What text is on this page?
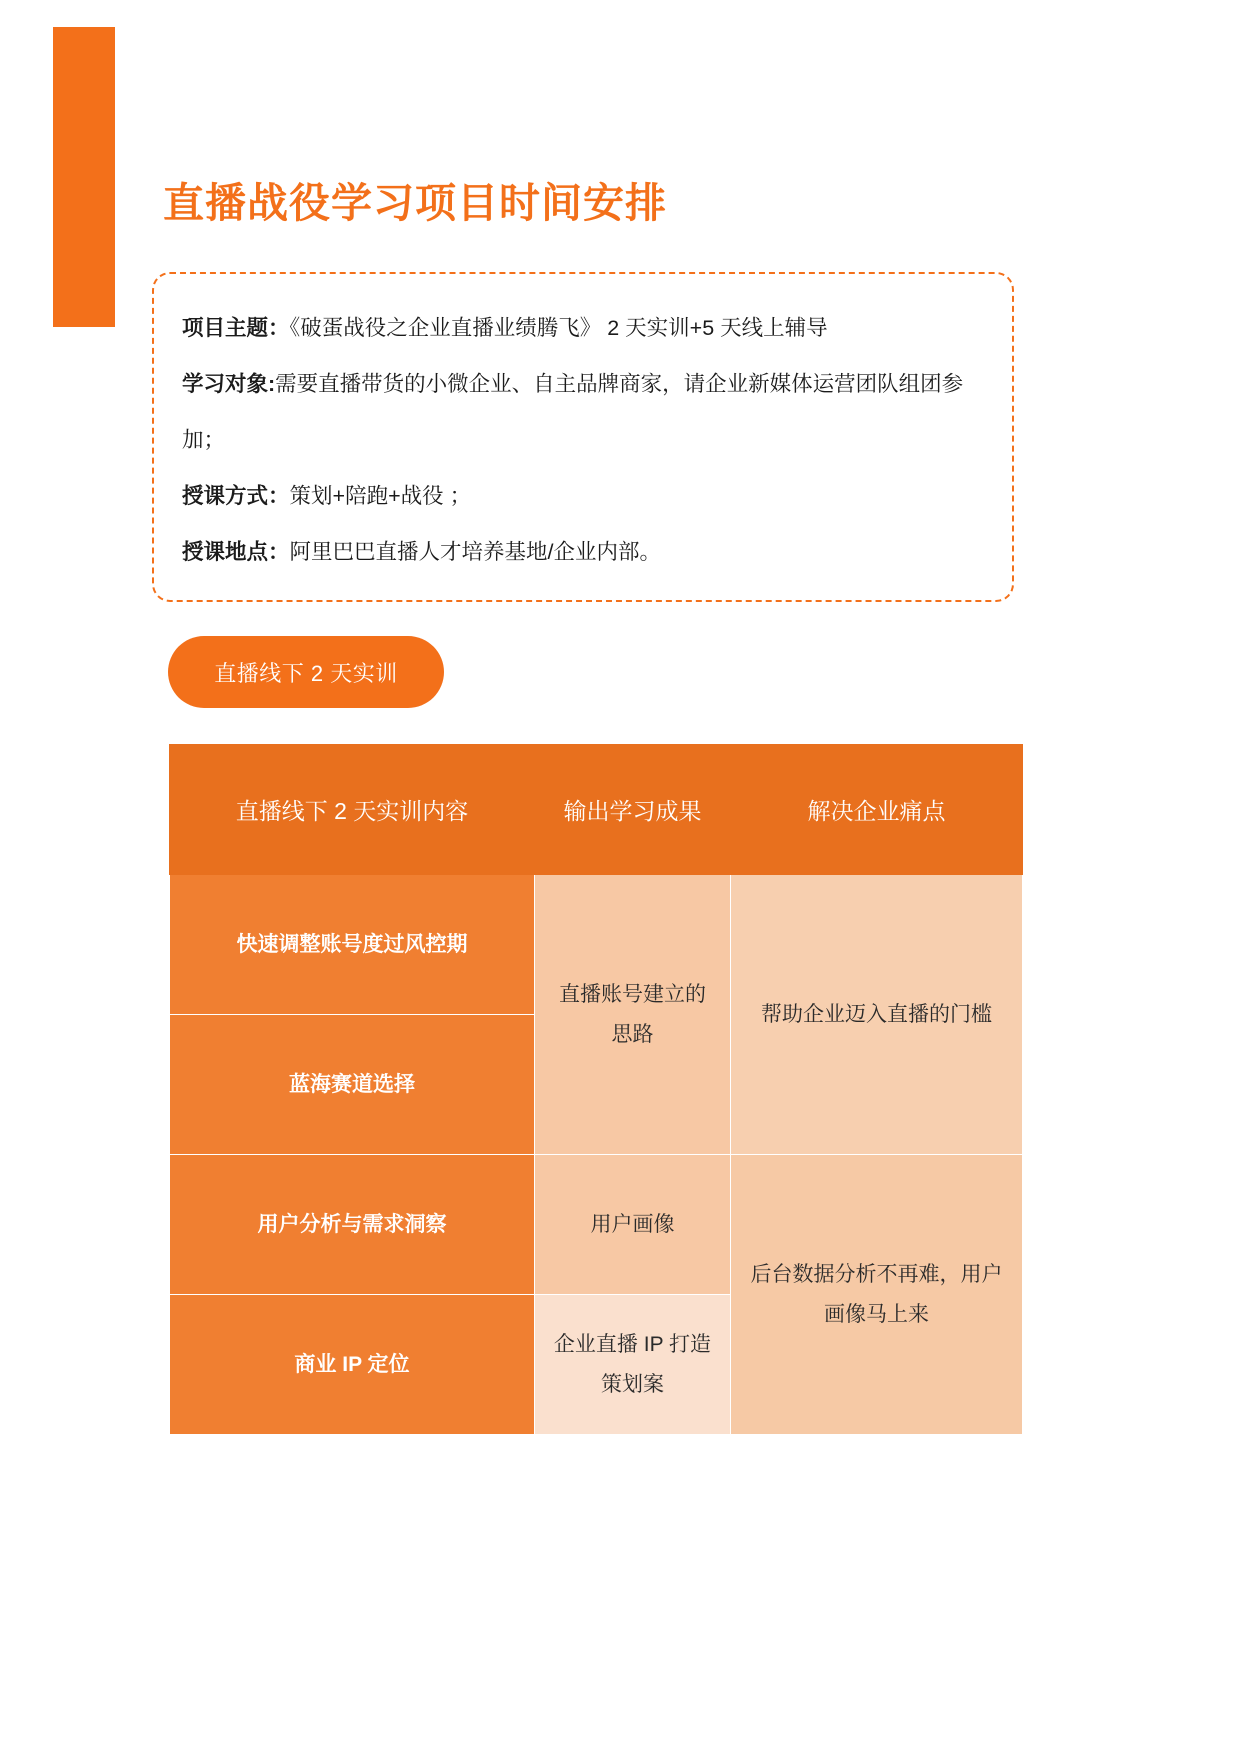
直播战役学习项目时间安排
项目主题：《破蛋战役之企业直播业绩腾飞》 2 天实训+5 天线上辅导
学习对象:需要直播带货的小微企业、自主品牌商家，请企业新媒体运营团队组团参加；
授课方式：策划+陪跑+战役 ；
授课地点：阿里巴巴直播人才培养基地/企业内部。
直播线下 2 天实训
直播线下 2 天实训内容	输出学习成果	解决企业痛点
快速调整账号度过风控期	直播账号建立的思路	帮助企业迈入直播的门槛
蓝海赛道选择		
用户分析与需求洞察	用户画像	后台数据分析不再难，用户画像马上来
商业 IP 定位	企业直播 IP 打造策划案	
